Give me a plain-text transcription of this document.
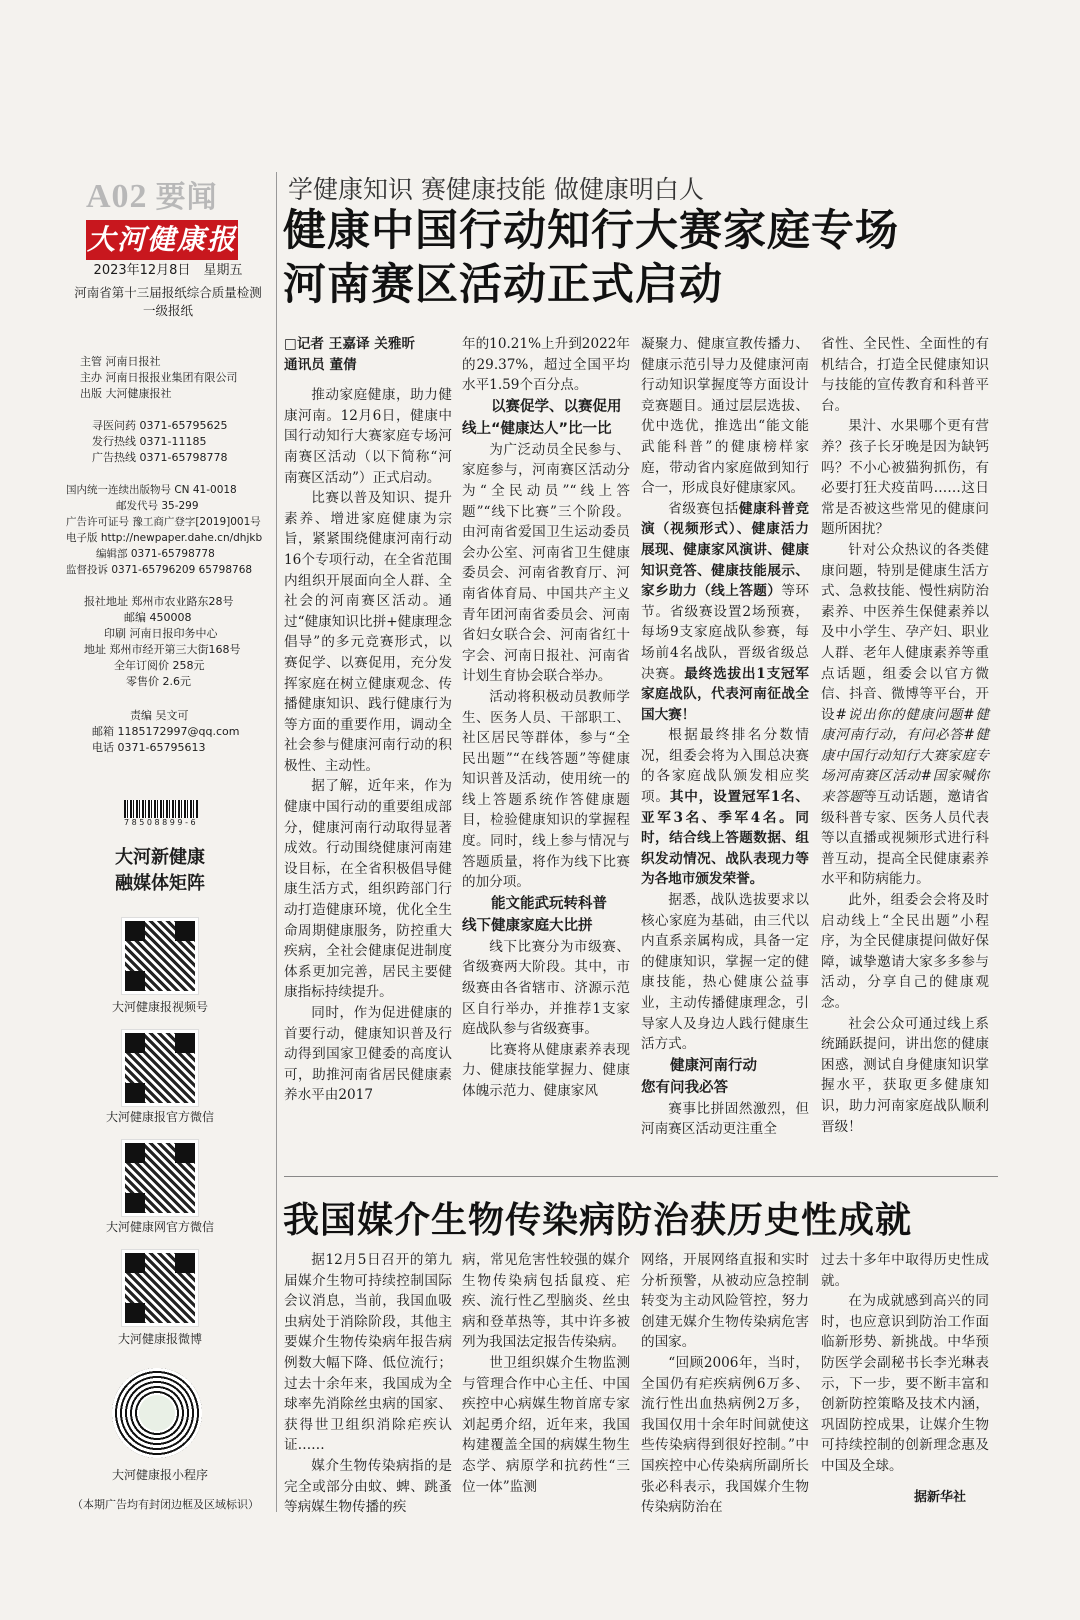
A02 要闻
大河健康报
2023年12月8日　星期五
河南省第十三届报纸综合质量检测
一级报纸
主管 河南日报社
主办 河南日报报业集团有限公司
出版 大河健康报社
寻医问药 0371-65795625
发行热线 0371-11185
广告热线 0371-65798778
国内统一连续出版物号 CN 41-0018
邮发代号 35-299
广告许可证号 豫工商广登字[2019]001号
电子版 http://newpaper.dahe.cn/dhjkb
编辑部 0371-65798778
监督投诉 0371-65796209 65798768
报社地址 郑州市农业路东28号
邮编 450008
印刷 河南日报印务中心
地址 郑州市经开第三大街168号
全年订阅价 258元
零售价 2.6元
责编 吴文可
邮箱 1185172997@qq.com
电话 0371-65795613
7 8 5 0 8 8 9 9 - 6
大河新健康
融媒体矩阵
大河健康报视频号
大河健康报官方微信
大河健康网官方微信
大河健康报微博
大河健康报小程序
（本期广告均有封闭边框及区域标识）
学健康知识 赛健康技能 做健康明白人
健康中国行动知行大赛家庭专场
河南赛区活动正式启动

□记者 王嘉译 关雅昕

通讯员 董倩

推动家庭健康，助力健康河南。12月6日，健康中国行动知行大赛家庭专场河南赛区活动（以下简称“河南赛区活动”）正式启动。

比赛以普及知识、提升素养、增进家庭健康为宗旨，紧紧围绕健康河南行动16个专项行动，在全省范围内组织开展面向全人群、全社会的河南赛区活动。通过“健康知识比拼+健康理念倡导”的多元竞赛形式，以赛促学、以赛促用，充分发挥家庭在树立健康观念、传播健康知识、践行健康行为等方面的重要作用，调动全社会参与健康河南行动的积极性、主动性。

据了解，近年来，作为健康中国行动的重要组成部分，健康河南行动取得显著成效。行动围绕健康河南建设目标，在全省积极倡导健康生活方式，组织跨部门行动打造健康环境，优化全生命周期健康服务，防控重大疾病，全社会健康促进制度体系更加完善，居民主要健康指标持续提升。

同时，作为促进健康的首要行动，健康知识普及行动得到国家卫健委的高度认可，助推河南省居民健康素养水平由2017

年的10.21%上升到2022年的29.37%，超过全国平均水平1.59个百分点。

以赛促学、以赛促用
线上“健康达人”比一比

为广泛动员全民参与、家庭参与，河南赛区活动分为“全民动员”“线上答题”“线下比赛”三个阶段。由河南省爱国卫生运动委员会办公室、河南省卫生健康委员会、河南省教育厅、河南省体育局、中国共产主义青年团河南省委员会、河南省妇女联合会、河南省红十字会、河南日报社、河南省计划生育协会联合举办。

活动将积极动员教师学生、医务人员、干部职工、社区居民等群体，参与“全民出题”“在线答题”等健康知识普及活动，使用统一的线上答题系统作答健康题目，检验健康知识的掌握程度。同时，线上参与情况与答题质量，将作为线下比赛的加分项。

能文能武玩转科普
线下健康家庭大比拼

线下比赛分为市级赛、省级赛两大阶段。其中，市级赛由各省辖市、济源示范区自行举办，并推荐1支家庭战队参与省级赛事。

比赛将从健康素养表现力、健康技能掌握力、健康体魄示范力、健康家风

凝聚力、健康宣教传播力、健康示范引导力及健康河南行动知识掌握度等方面设计竞赛题目。通过层层选拔、优中选优，推选出“能文能武能科普”的健康榜样家庭，带动省内家庭做到知行合一，形成良好健康家风。

省级赛包括健康科普竞演（视频形式）、健康活力展现、健康家风演讲、健康知识竞答、健康技能展示、家乡助力（线上答题）等环节。省级赛设置2场预赛，每场9支家庭战队参赛，每场前4名战队，晋级省级总决赛。最终选拔出1支冠军家庭战队，代表河南征战全国大赛！

根据最终排名分数情况，组委会将为入围总决赛的各家庭战队颁发相应奖项。其中，设置冠军1名、亚军3名、季军4名。同时，结合线上答题数据、组织发动情况、战队表现力等为各地市颁发荣誉。

据悉，战队选拔要求以核心家庭为基础，由三代以内直系亲属构成，具备一定的健康知识，掌握一定的健康技能，热心健康公益事业，主动传播健康理念，引导家人及身边人践行健康生活方式。

健康河南行动
您有问我必答

赛事比拼固然激烈，但河南赛区活动更注重全

省性、全民性、全面性的有机结合，打造全民健康知识与技能的宣传教育和科普平台。

果汁、水果哪个更有营养？孩子长牙晚是因为缺钙吗？不小心被猫狗抓伤，有必要打狂犬疫苗吗……这日常是否被这些常见的健康问题所困扰？

针对公众热议的各类健康问题，特别是健康生活方式、急救技能、慢性病防治素养、中医养生保健素养以及中小学生、孕产妇、职业人群、老年人健康素养等重点话题，组委会以官方微信、抖音、微博等平台，开设#说出你的健康问题#健康河南行动，有问必答#健康中国行动知行大赛家庭专场河南赛区活动#国家喊你来答题等互动话题，邀请省级科普专家、医务人员代表等以直播或视频形式进行科普互动，提高全民健康素养水平和防病能力。

此外，组委会会将及时启动线上“全民出题”小程序，为全民健康提问做好保障，诚挚邀请大家多多参与活动，分享自己的健康观念。

社会公众可通过线上系统踊跃提问，讲出您的健康困惑，测试自身健康知识掌握水平，获取更多健康知识，助力河南家庭战队顺利晋级！

我国媒介生物传染病防治获历史性成就

据12月5日召开的第九届媒介生物可持续控制国际会议消息，当前，我国血吸虫病处于消除阶段，其他主要媒介生物传染病年报告病例数大幅下降、低位流行；过去十余年来，我国成为全球率先消除丝虫病的国家、获得世卫组织消除疟疾认证……

媒介生物传染病指的是完全或部分由蚊、蜱、跳蚤等病媒生物传播的疾

病，常见危害性较强的媒介生物传染病包括鼠疫、疟疾、流行性乙型脑炎、丝虫病和登革热等，其中许多被列为我国法定报告传染病。

世卫组织媒介生物监测与管理合作中心主任、中国疾控中心病媒生物首席专家刘起勇介绍，近年来，我国构建覆盖全国的病媒生物生态学、病原学和抗药性“三位一体”监测

网络，开展网络直报和实时分析预警，从被动应急控制转变为主动风险管控，努力创建无媒介生物传染病危害的国家。

“回顾2006年，当时，全国仍有疟疾病例6万多、流行性出血热病例2万多，我国仅用十余年时间就使这些传染病得到很好控制。”中国疾控中心传染病所副所长张必科表示，我国媒介生物传染病防治在

过去十多年中取得历史性成就。

在为成就感到高兴的同时，也应意识到防治工作面临新形势、新挑战。中华预防医学会副秘书长李光琳表示，下一步，要不断丰富和创新防控策略及技术内涵，巩固防控成果，让媒介生物可持续控制的创新理念惠及中国及全球。

据新华社
